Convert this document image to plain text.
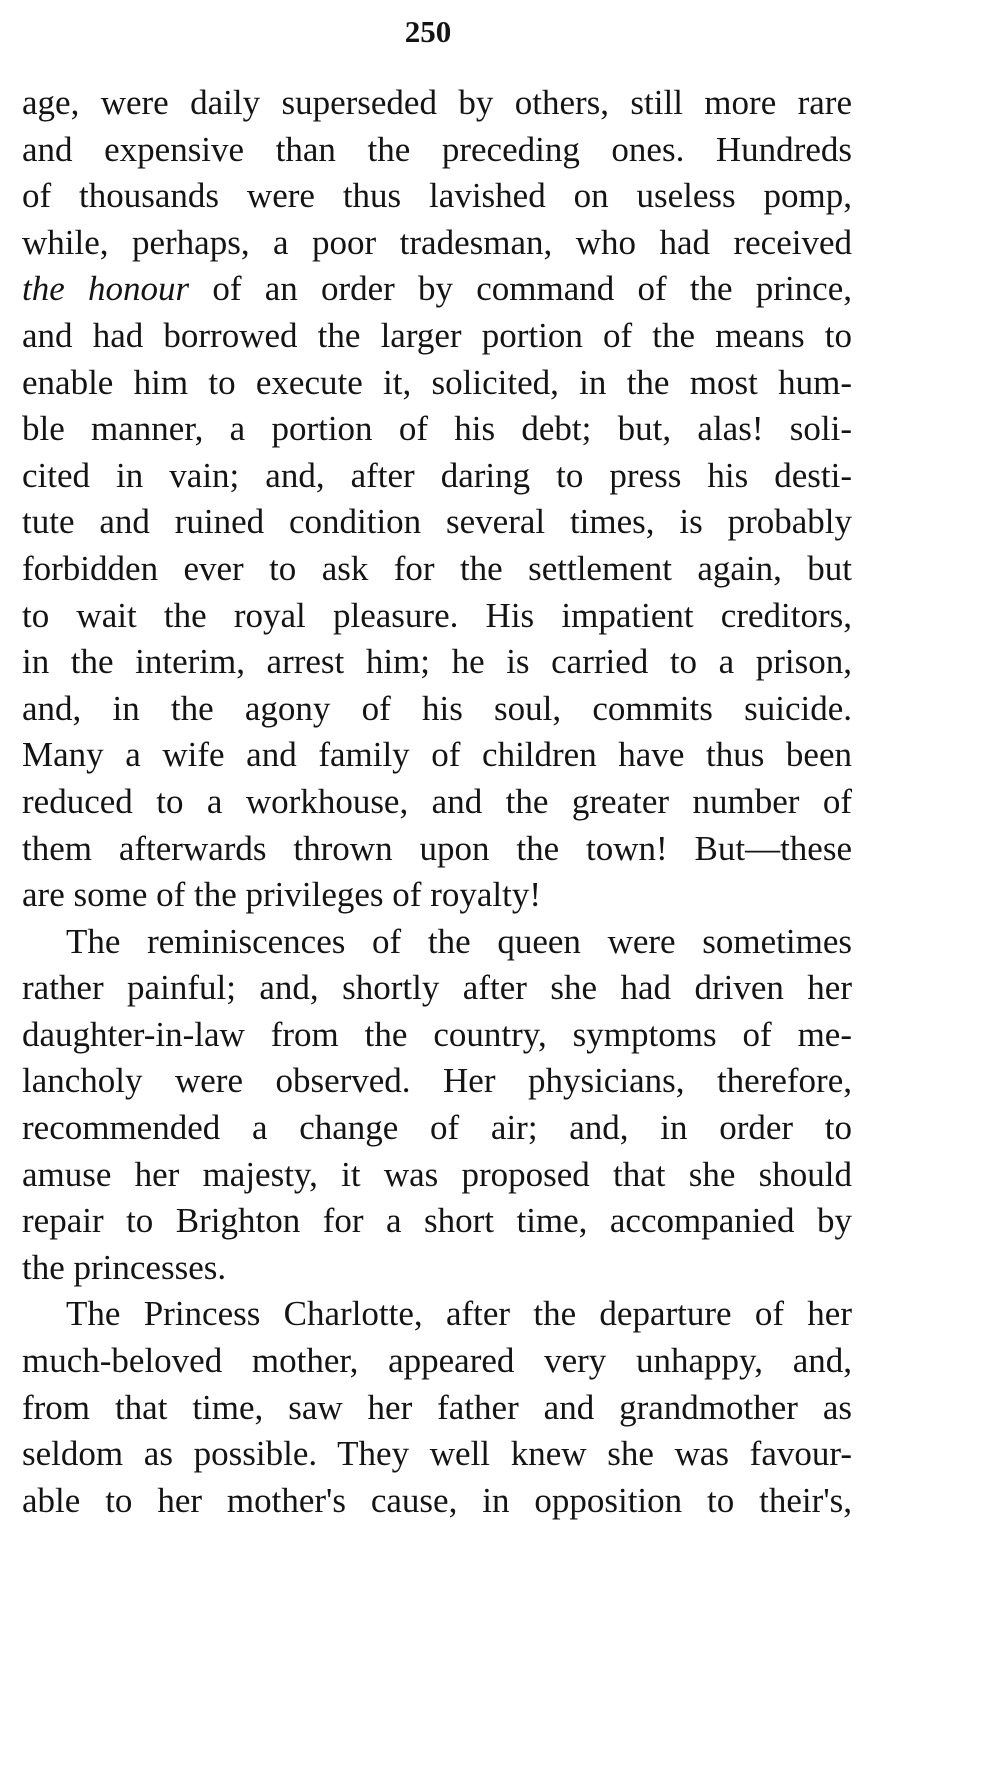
250
age, were daily superseded by others, still more rare
and expensive than the preceding ones. Hundreds
of thousands were thus lavished on useless pomp,
while, perhaps, a poor tradesman, who had received
the honour of an order by command of the prince,
and had borrowed the larger portion of the means to
enable him to execute it, solicited, in the most hum-
ble manner, a portion of his debt; but, alas! soli-
cited in vain; and, after daring to press his desti-
tute and ruined condition several times, is probably
forbidden ever to ask for the settlement again, but
to wait the royal pleasure. His impatient creditors,
in the interim, arrest him; he is carried to a prison,
and, in the agony of his soul, commits suicide.
Many a wife and family of children have thus been
reduced to a workhouse, and the greater number of
them afterwards thrown upon the town! But—these
are some of the privileges of royalty!
The reminiscences of the queen were sometimes
rather painful; and, shortly after she had driven her
daughter-in-law from the country, symptoms of me-
lancholy were observed. Her physicians, therefore,
recommended a change of air; and, in order to
amuse her majesty, it was proposed that she should
repair to Brighton for a short time, accompanied by
the princesses.
The Princess Charlotte, after the departure of her
much-beloved mother, appeared very unhappy, and,
from that time, saw her father and grandmother as
seldom as possible. They well knew she was favour-
able to her mother's cause, in opposition to their's,
